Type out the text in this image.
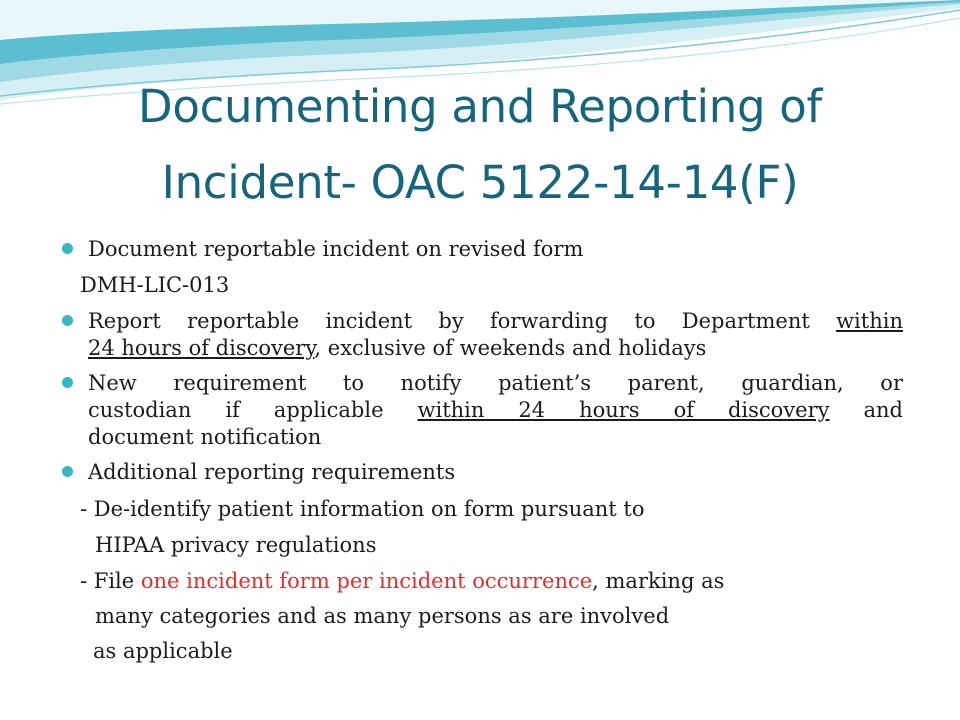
Documenting and Reporting of
Incident- OAC 5122-14-14(F)
Document reportable incident on revised form
DMH-LIC-013
Report reportable incident by forwarding to Department within
24 hours of discovery, exclusive of weekends and holidays
New requirement to notify patient’s parent, guardian, or
custodian if applicable within 24 hours of discovery and
document notification
Additional reporting requirements
- De-identify patient information on form pursuant to
HIPAA privacy regulations
- File one incident form per incident occurrence, marking as
many categories and as many persons as are involved
as applicable
